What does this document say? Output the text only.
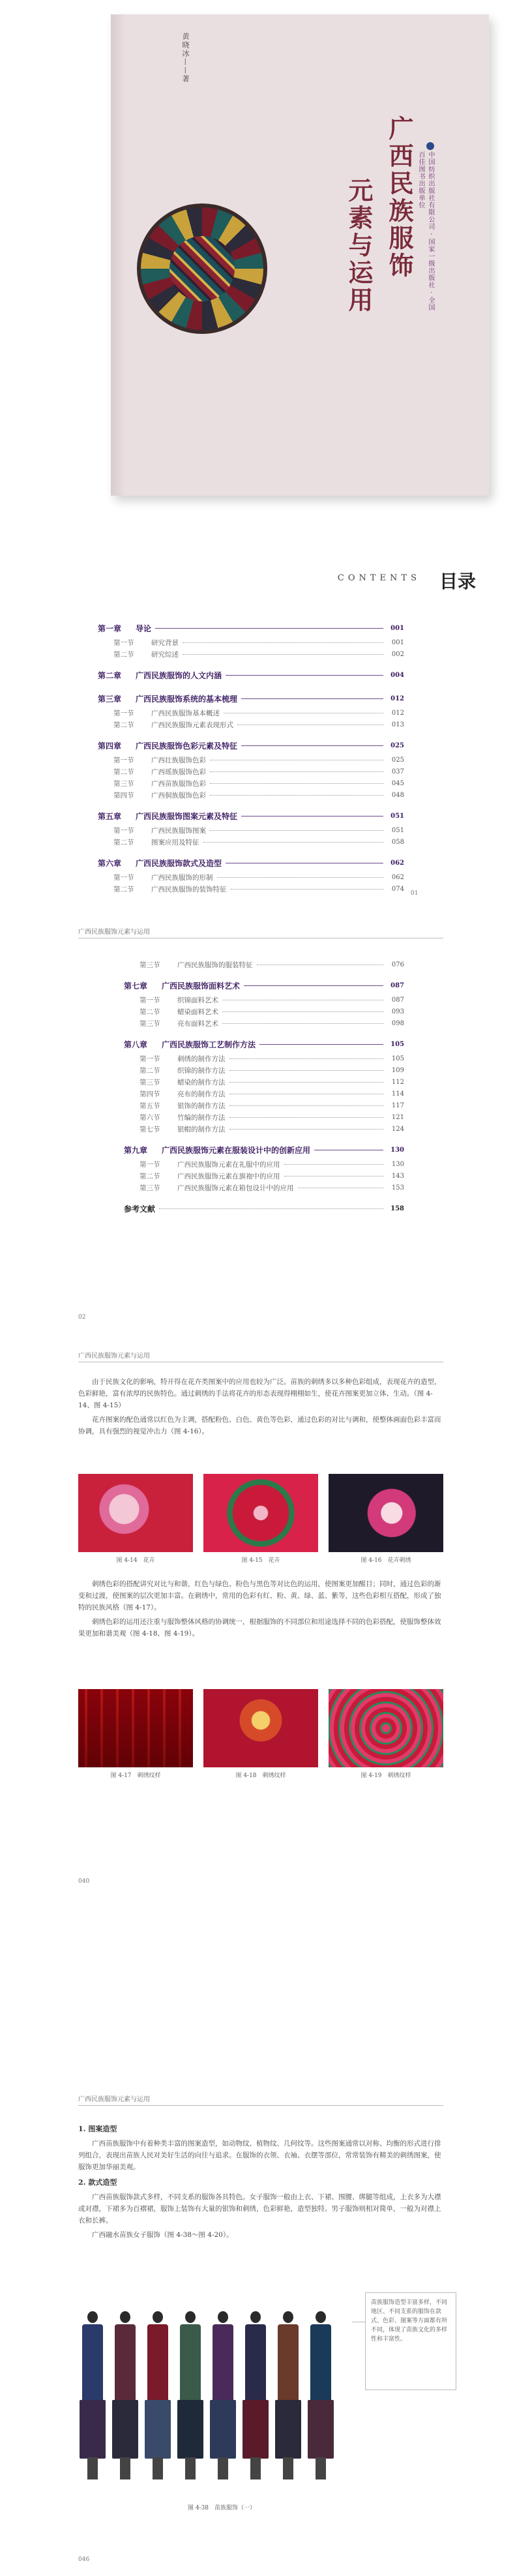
黄晓冰——著
广西民族服饰
元素与运用	中国纺织出版社有限公司 · 国家一级出版社 · 全国百佳图书出版单位
CONTENTS 目录
第一章	导论	001
第一节	研究背景	001
第二节	研究综述	002
第二章	广西民族服饰的人文内涵	004
第三章	广西民族服饰系统的基本梳理	012
第一节	广西民族服饰基本概述	012
第二节	广西民族服饰元素表现形式	013
第四章	广西民族服饰色彩元素及特征	025
第一节	广西壮族服饰色彩	025
第二节	广西瑶族服饰色彩	037
第三节	广西苗族服饰色彩	045
第四节	广西侗族服饰色彩	048
第五章	广西民族服饰图案元素及特征	051
第一节	广西民族服饰图案	051
第二节	图案应用及特征	058
第六章	广西民族服饰款式及造型	062
第一节	广西民族服饰的形制	062
第二节	广西民族服饰的装饰特征	074
01
广西民族服饰元素与运用
第三节	广西民族服饰的服装特征	076
第七章	广西民族服饰面料艺术	087
第一节	织锦面料艺术	087
第二节	蜡染面料艺术	093
第三节	亮布面料艺术	098
第八章	广西民族服饰工艺制作方法	105
第一节	刺绣的制作方法	105
第二节	织锦的制作方法	109
第三节	蜡染的制作方法	112
第四节	亮布的制作方法	114
第五节	银饰的制作方法	117
第六节	竹编的制作方法	121
第七节	银帽的制作方法	124
第九章	广西民族服饰元素在服装设计中的创新应用	130
第一节	广西民族服饰元素在礼服中的应用	130
第二节	广西民族服饰元素在旗袍中的应用	143
第三节	广西民族服饰元素在箱包设计中的应用	153
参考文献	158
02
广西民族服饰元素与运用

由于民族文化的影响，特开得在花卉类图案中的应用也较为广泛。苗族的刺绣多以多种色彩组成，表现花卉的造型，色彩鲜艳，富有浓厚的民族特色。通过刺绣的手法将花卉的形态表现得栩栩如生，使花卉图案更加立体、生动。（图 4-14、图 4-15）

花卉图案的配色通常以红色为主调，搭配粉色、白色、黄色等色彩，通过色彩的对比与调和，使整体画面色彩丰富而协调，具有强烈的视觉冲击力（图 4-16）。

图 4-14　花卉	图 4-15　花卉	图 4-16　花卉刺绣

刺绣色彩的搭配讲究对比与和谐，红色与绿色、粉色与黑色等对比色的运用，使图案更加醒目；同时，通过色彩的渐变和过渡，使图案的层次更加丰富。在刺绣中，常用的色彩有红、粉、黄、绿、蓝、紫等，这些色彩相互搭配，形成了独特的民族风格（图 4-17）。

刺绣色彩的运用还注重与服饰整体风格的协调统一，根据服饰的不同部位和用途选择不同的色彩搭配，使服饰整体效果更加和谐美观（图 4-18、图 4-19）。

图 4-17　刺绣纹样	图 4-18　刺绣纹样	图 4-19　刺绣纹样
040
广西民族服饰元素与运用
1. 图案造型

广西苗族服饰中有着种类丰富的图案造型，如动物纹、植物纹、几何纹等。这些图案通常以对称、均衡的形式进行排列组合，表现出苗族人民对美好生活的向往与追求。在服饰的衣领、衣袖、衣摆等部位，常常装饰有精美的刺绣图案，使服饰更加华丽美观。

2. 款式造型

广西苗族服饰款式多样，不同支系的服饰各具特色。女子服饰一般由上衣、下裙、围腰、绑腿等组成，上衣多为大襟或对襟，下裙多为百褶裙，服饰上装饰有大量的银饰和刺绣，色彩鲜艳，造型独特。男子服饰则相对简单，一般为对襟上衣和长裤。

广西融水苗族女子服饰（图 4-38～图 4-20）。

046
苗族服饰造型丰富多样，不同地区、不同支系的服饰在款式、色彩、图案等方面都有所不同，体现了苗族文化的多样性和丰富性。
图 4-38　苗族服饰（一）
